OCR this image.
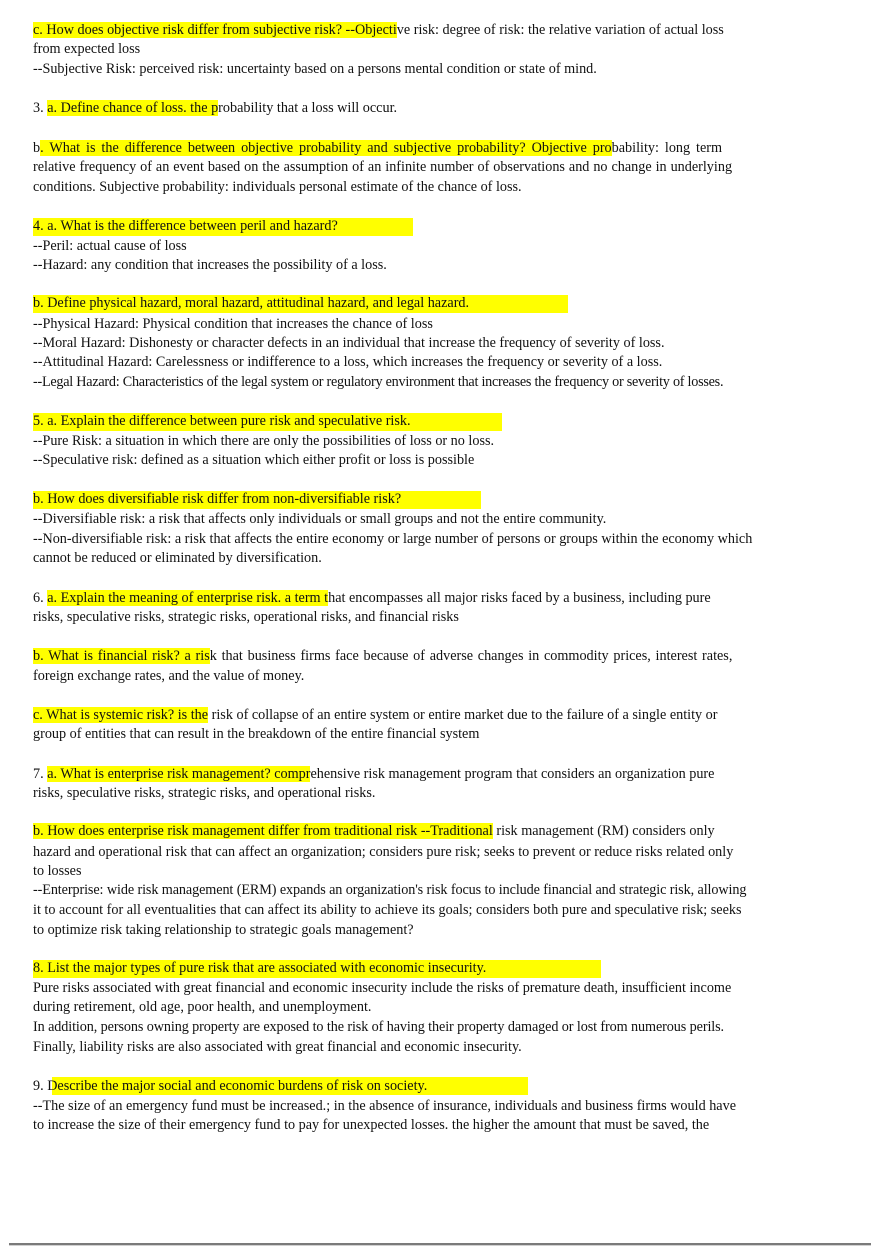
c. How does objective risk differ from subjective risk? --Objective risk: degree of risk: the relative variation of actual loss
from expected loss
--Subjective Risk: perceived risk: uncertainty based on a persons mental condition or state of mind.
3. a. Define chance of loss. the probability that a loss will occur.
b. What is the difference between objective probability and subjective probability? Objective probability: long term
relative frequency of an event based on the assumption of an infinite number of observations and no change in underlying
conditions. Subjective probability: individuals personal estimate of the chance of loss.
4. a. What is the difference between peril and hazard?
--Peril: actual cause of loss
--Hazard: any condition that increases the possibility of a loss.
b. Define physical hazard, moral hazard, attitudinal hazard, and legal hazard.
--Physical Hazard: Physical condition that increases the chance of loss
--Moral Hazard: Dishonesty or character defects in an individual that increase the frequency of severity of loss.
--Attitudinal Hazard: Carelessness or indifference to a loss, which increases the frequency or severity of a loss.
--Legal Hazard: Characteristics of the legal system or regulatory environment that increases the frequency or severity of losses.
5. a. Explain the difference between pure risk and speculative risk.
--Pure Risk: a situation in which there are only the possibilities of loss or no loss.
--Speculative risk: defined as a situation which either profit or loss is possible
b. How does diversifiable risk differ from non-diversifiable risk?
--Diversifiable risk: a risk that affects only individuals or small groups and not the entire community.
--Non-diversifiable risk: a risk that affects the entire economy or large number of persons or groups within the economy which
cannot be reduced or eliminated by diversification.
6. a. Explain the meaning of enterprise risk. a term that encompasses all major risks faced by a business, including pure
risks, speculative risks, strategic risks, operational risks, and financial risks
b. What is financial risk? a risk that business firms face because of adverse changes in commodity prices, interest rates,
foreign exchange rates, and the value of money.
c. What is systemic risk? is the risk of collapse of an entire system or entire market due to the failure of a single entity or
group of entities that can result in the breakdown of the entire financial system
7. a. What is enterprise risk management? comprehensive risk management program that considers an organization pure
risks, speculative risks, strategic risks, and operational risks.
b. How does enterprise risk management differ from traditional risk --Traditional risk management (RM) considers only
hazard and operational risk that can affect an organization; considers pure risk; seeks to prevent or reduce risks related only
to losses
--Enterprise: wide risk management (ERM) expands an organization's risk focus to include financial and strategic risk, allowing
it to account for all eventualities that can affect its ability to achieve its goals; considers both pure and speculative risk; seeks
to optimize risk taking relationship to strategic goals management?
8. List the major types of pure risk that are associated with economic insecurity.
Pure risks associated with great financial and economic insecurity include the risks of premature death, insufficient income
during retirement, old age, poor health, and unemployment.
In addition, persons owning property are exposed to the risk of having their property damaged or lost from numerous perils.
Finally, liability risks are also associated with great financial and economic insecurity.
9. Describe the major social and economic burdens of risk on society.
--The size of an emergency fund must be increased.; in the absence of insurance, individuals and business firms would have
to increase the size of their emergency fund to pay for unexpected losses. the higher the amount that must be saved, the
